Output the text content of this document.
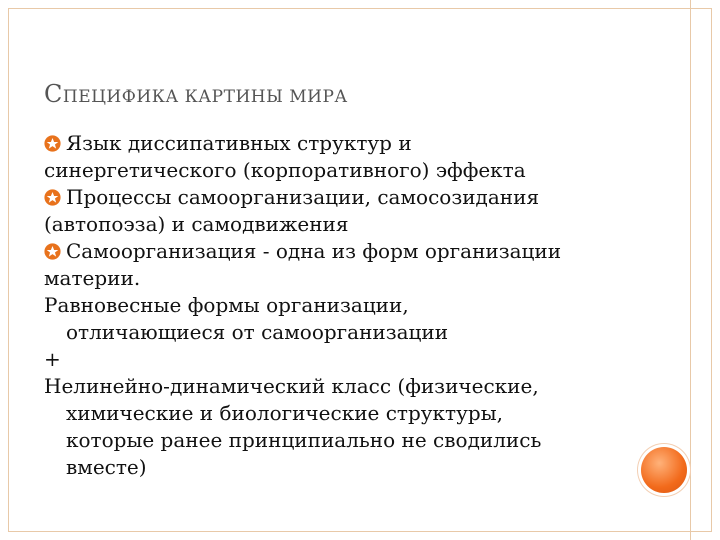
СПЕЦИФИКА КАРТИНЫ МИРА
Язык диссипативных структур и
синергетического (корпоративного) эффекта
Процессы самоорганизации, самосозидания
(автопоэза) и самодвижения
Самоорганизация - одна из форм организации
материи.
Равновесные формы организации,
отличающиеся от самоорганизации
+
Нелинейно-динамический класс (физические,
химические и биологические структуры,
которые ранее принципиально не сводились
вместе)
